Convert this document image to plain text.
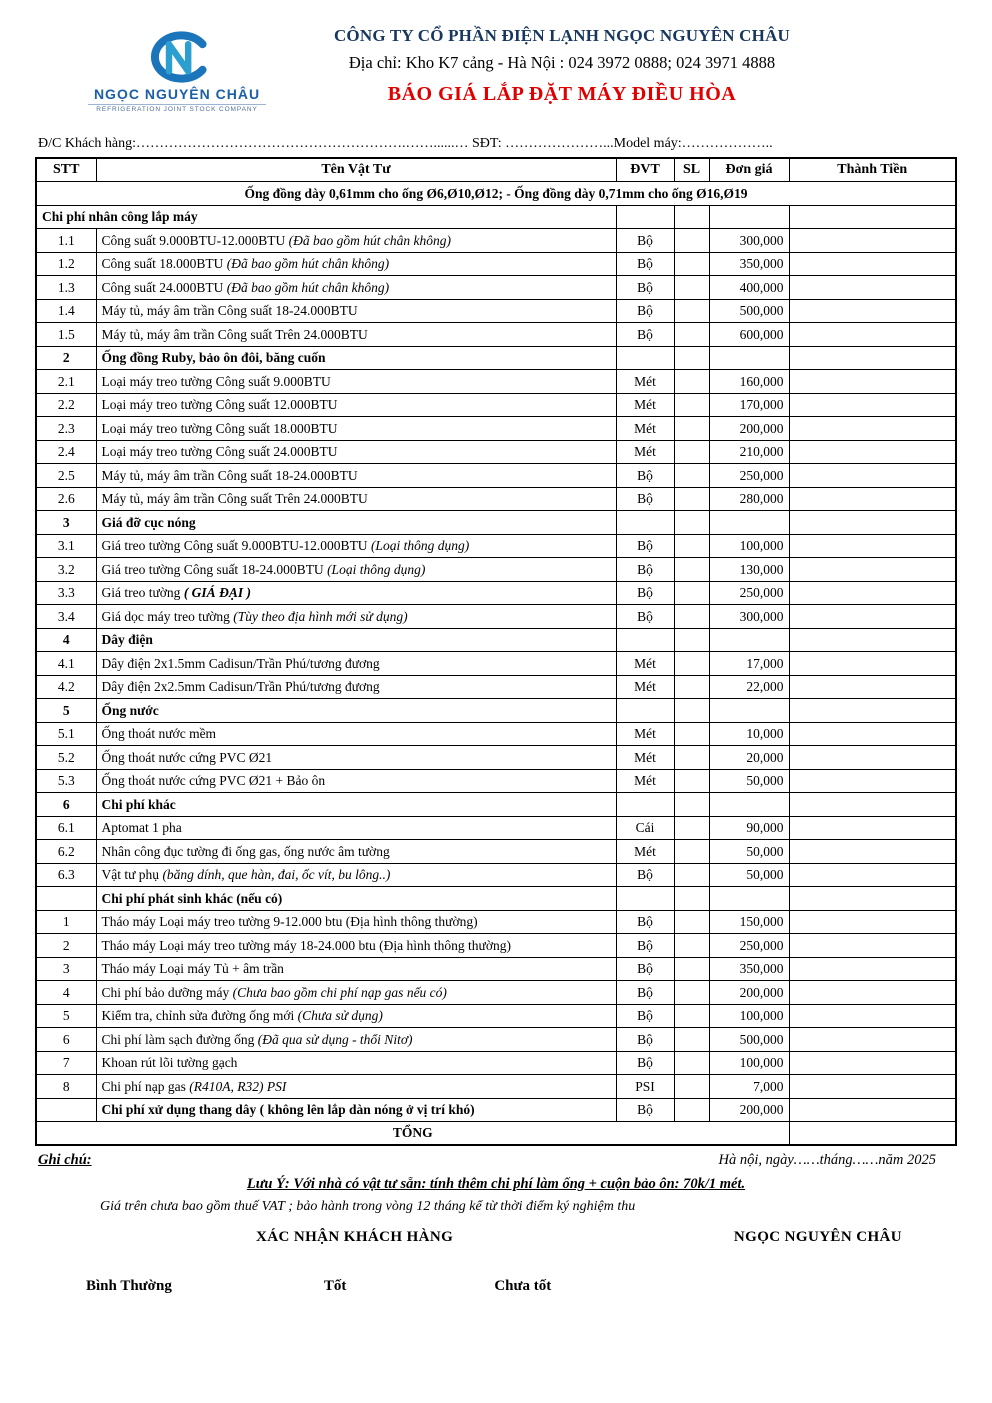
NGỌC NGUYÊN CHÂU
REFRIGERATION JOINT STOCK COMPANY
CÔNG TY CỔ PHẦN ĐIỆN LẠNH NGỌC NGUYÊN CHÂU
Địa chỉ: Kho K7 cảng - Hà Nội : 024 3972 0888; 024 3971 4888
BÁO GIÁ LẮP ĐẶT MÁY ĐIỀU HÒA
Đ/C Khách hàng:………………………………………………….……......… SĐT: …………………...Model máy:………………..
STT	Tên Vật Tư	ĐVT	SL	Đơn giá	Thành Tiền
Ống đồng dày 0,61mm cho ống Ø6,Ø10,Ø12; - Ống đồng dày 0,71mm cho ống Ø16,Ø19					
Chi phí nhân công lắp máy					
1.1	Công suất 9.000BTU-12.000BTU (Đã bao gồm hút chân không)	Bộ		300,000	
1.2	Công suất 18.000BTU (Đã bao gồm hút chân không)	Bộ		350,000	
1.3	Công suất 24.000BTU (Đã bao gồm hút chân không)	Bộ		400,000	
1.4	Máy tủ, máy âm trần Công suất 18-24.000BTU	Bộ		500,000	
1.5	Máy tủ, máy âm trần Công suất Trên 24.000BTU	Bộ		600,000	
2	Ống đồng Ruby, bảo ôn đôi, băng cuốn				
2.1	Loại máy treo tường Công suất 9.000BTU	Mét		160,000	
2.2	Loại máy treo tường Công suất 12.000BTU	Mét		170,000	
2.3	Loại máy treo tường Công suất 18.000BTU	Mét		200,000	
2.4	Loại máy treo tường Công suất 24.000BTU	Mét		210,000	
2.5	Máy tủ, máy âm trần Công suất 18-24.000BTU	Bộ		250,000	
2.6	Máy tủ, máy âm trần Công suất Trên 24.000BTU	Bộ		280,000	
3	Giá đỡ cục nóng				
3.1	Giá treo tường Công suất 9.000BTU-12.000BTU (Loại thông dụng)	Bộ		100,000	
3.2	Giá treo tường Công suất 18-24.000BTU (Loại thông dụng)	Bộ		130,000	
3.3	Giá treo tường ( GIÁ ĐẠI )	Bộ		250,000	
3.4	Giá dọc máy treo tường (Tùy theo địa hình mới sử dụng)	Bộ		300,000	
4	Dây điện				
4.1	Dây điện 2x1.5mm Cadisun/Trần Phú/tương đương	Mét		17,000	
4.2	Dây điện 2x2.5mm Cadisun/Trần Phú/tương đương	Mét		22,000	
5	Ống nước				
5.1	Ống thoát nước mềm	Mét		10,000	
5.2	Ống thoát nước cứng PVC Ø21	Mét		20,000	
5.3	Ống thoát nước cứng PVC Ø21 + Bảo ôn	Mét		50,000	
6	Chi phí khác				
6.1	Aptomat 1 pha	Cái		90,000	
6.2	Nhân công đục tường đi ống gas, ống nước âm tường	Mét		50,000	
6.3	Vật tư phụ (băng dính, que hàn, đai, ốc vít, bu lông..)	Bộ		50,000	
	Chi phí phát sinh khác (nếu có)				
1	Tháo máy Loại máy treo tường 9-12.000 btu (Địa hình thông thường)	Bộ		150,000	
2	Tháo máy Loại máy treo tường máy 18-24.000 btu (Địa hình thông thường)	Bộ		250,000	
3	Tháo máy Loại máy Tủ + âm trần	Bộ		350,000	
4	Chi phí bảo dưỡng máy (Chưa bao gồm chi phí nạp gas nếu có)	Bộ		200,000	
5	Kiểm tra, chỉnh sửa đường ống mới (Chưa sử dụng)	Bộ		100,000	
6	Chi phí làm sạch đường ống (Đã qua sử dụng - thổi Nitơ)	Bộ		500,000	
7	Khoan rút lõi tường gạch	Bộ		100,000	
8	Chi phí nạp gas (R410A, R32) PSI	PSI		7,000	
	Chi phí xử dụng thang dây ( không lên lắp dàn nóng ở vị trí khó)	Bộ		200,000	
TỔNG					
Ghi chú:	Hà nội, ngày……tháng……năm 2025
Lưu Ý: Với nhà có vật tư sẵn: tính thêm chi phí làm ống + cuộn bảo ôn: 70k/1 mét.
Giá trên chưa bao gồm thuế VAT ; bảo hành trong vòng 12 tháng kể từ thời điểm ký nghiệm thu
XÁC NHẬN KHÁCH HÀNG	NGỌC NGUYÊN CHÂU
Bình Thường	Tốt	Chưa tốt
